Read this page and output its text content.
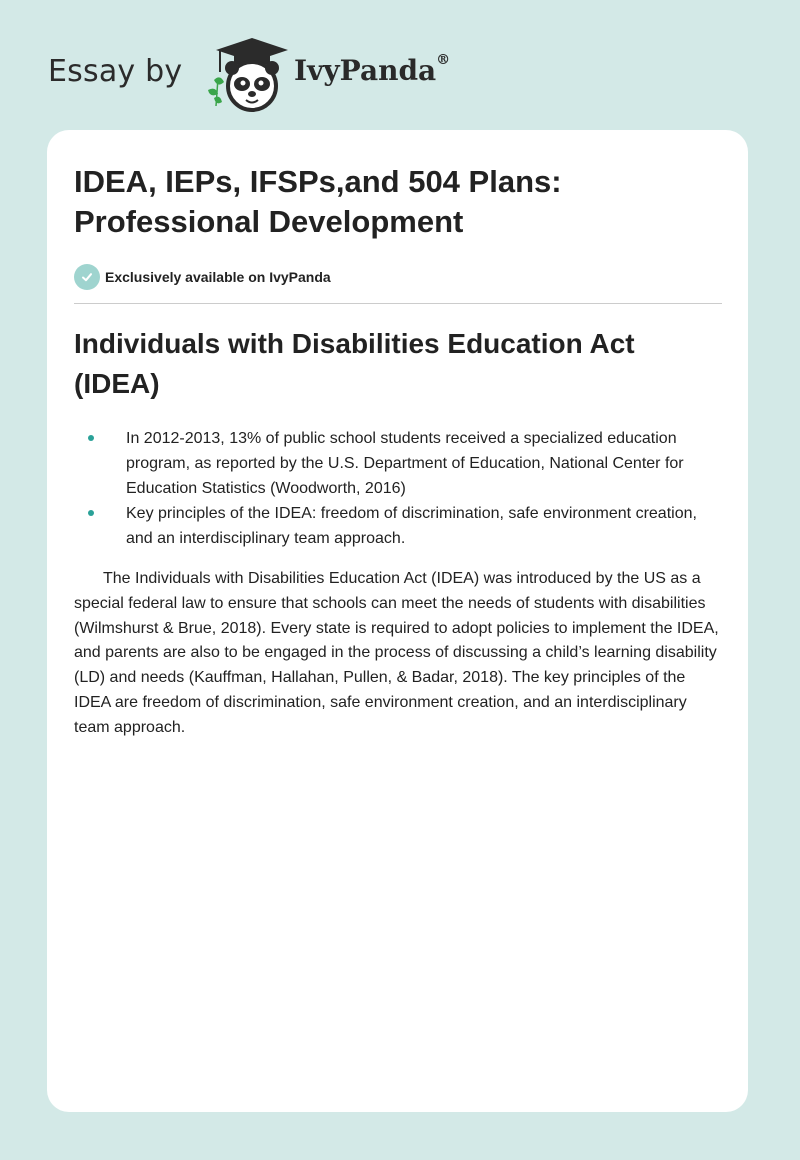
Essay by	IvyPanda®
IDEA, IEPs, IFSPs,and 504 Plans: Professional Development
Exclusively available on IvyPanda
Individuals with Disabilities Education Act (IDEA)
In 2012-2013, 13% of public school students received a specialized education program, as reported by the U.S. Department of Education, National Center for Education Statistics (Woodworth, 2016)
Key principles of the IDEA: freedom of discrimination, safe environment creation, and an interdisciplinary team approach.

The Individuals with Disabilities Education Act (IDEA) was introduced by the US as a special federal law to ensure that schools can meet the needs of students with disabilities (Wilmshurst & Brue, 2018). Every state is required to adopt policies to implement the IDEA, and parents are also to be engaged in the process of discussing a child’s learning disability (LD) and needs (Kauffman, Hallahan, Pullen, & Badar, 2018). The key principles of the IDEA are freedom of discrimination, safe environment creation, and an interdisciplinary team approach.
